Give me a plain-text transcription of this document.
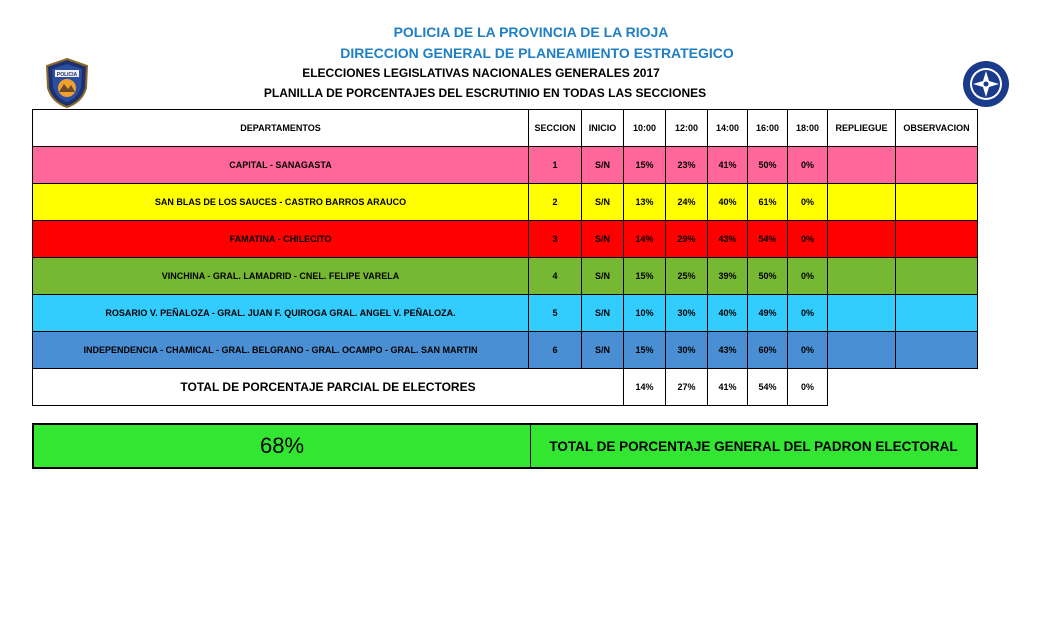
POLICIA DE LA PROVINCIA DE LA RIOJA
DIRECCION GENERAL DE PLANEAMIENTO ESTRATEGICO
ELECCIONES LEGISLATIVAS NACIONALES GENERALES 2017
PLANILLA DE PORCENTAJES DEL ESCRUTINIO EN TODAS LAS SECCIONES
POLICIA
DEPARTAMENTOS	SECCION	INICIO	10:00	12:00	14:00	16:00	18:00	REPLIEGUE	OBSERVACION
CAPITAL - SANAGASTA	1	S/N	15%	23%	41%	50%	0%		
SAN BLAS DE LOS SAUCES - CASTRO BARROS ARAUCO	2	S/N	13%	24%	40%	61%	0%		
FAMATINA - CHILECITO	3	S/N	14%	29%	43%	54%	0%		
VINCHINA - GRAL. LAMADRID - CNEL. FELIPE VARELA	4	S/N	15%	25%	39%	50%	0%		
ROSARIO V. PEÑALOZA - GRAL. JUAN F. QUIROGA GRAL. ANGEL V. PEÑALOZA.	5	S/N	10%	30%	40%	49%	0%		
INDEPENDENCIA - CHAMICAL - GRAL. BELGRANO - GRAL. OCAMPO - GRAL. SAN MARTIN	6	S/N	15%	30%	43%	60%	0%		
TOTAL DE PORCENTAJE PARCIAL DE ELECTORES			14%	27%	41%	54%	0%		
68%	TOTAL DE PORCENTAJE GENERAL DEL PADRON ELECTORAL
